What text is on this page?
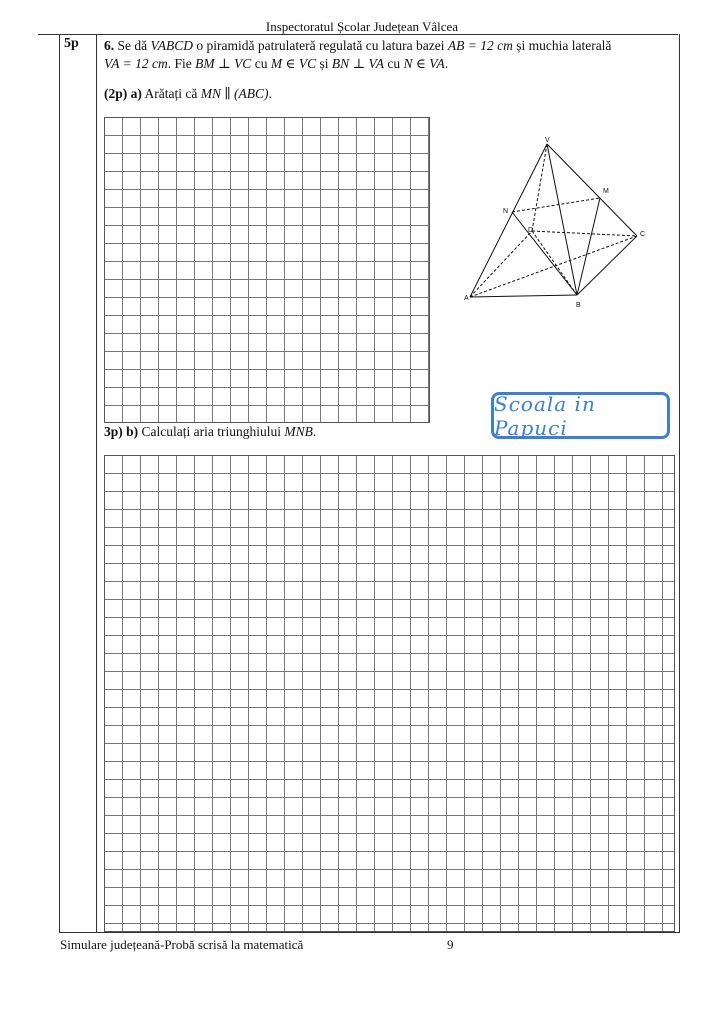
Inspectoratul Școlar Județean Vâlcea
5p 6. Se dă VABCD o piramidă patrulateră regulată cu latura bazei AB = 12 cm și muchia laterală
VA = 12 cm. Fie BM ⊥ VC cu M ∈ VC și BN ⊥ VA cu N ∈ VA.
(2p) a) Arătați că MN ∥ (ABC).
V
M
N
D
C
A
B
Scoala in Papuci
3p) b) Calculați aria triunghiului MNB.
Simulare județeană-Probă scrisă la matematică	9
